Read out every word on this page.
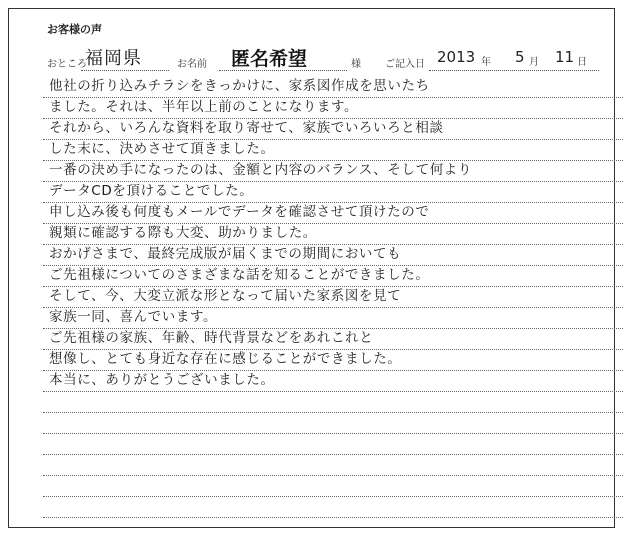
お客様の声
おところ
福岡県	お名前 匿名希望	様 ご記入日 2013 年 5 月 11 日
他社の折り込みチラシをきっかけに、家系図作成を思いたち
ました。それは、半年以上前のことになります。
それから、いろんな資料を取り寄せて、家族でいろいろと相談
した末に、決めさせて頂きました。
一番の決め手になったのは、金額と内容のバランス、そして何より
データCDを頂けることでした。
申し込み後も何度もメールでデータを確認させて頂けたので
親類に確認する際も大変、助かりました。
おかげさまで、最終完成版が届くまでの期間においても
ご先祖様についてのさまざまな話を知ることができました。
そして、今、大変立派な形となって届いた家系図を見て
家族一同、喜んでいます。
ご先祖様の家族、年齢、時代背景などをあれこれと
想像し、とても身近な存在に感じることができました。
本当に、ありがとうございました。
